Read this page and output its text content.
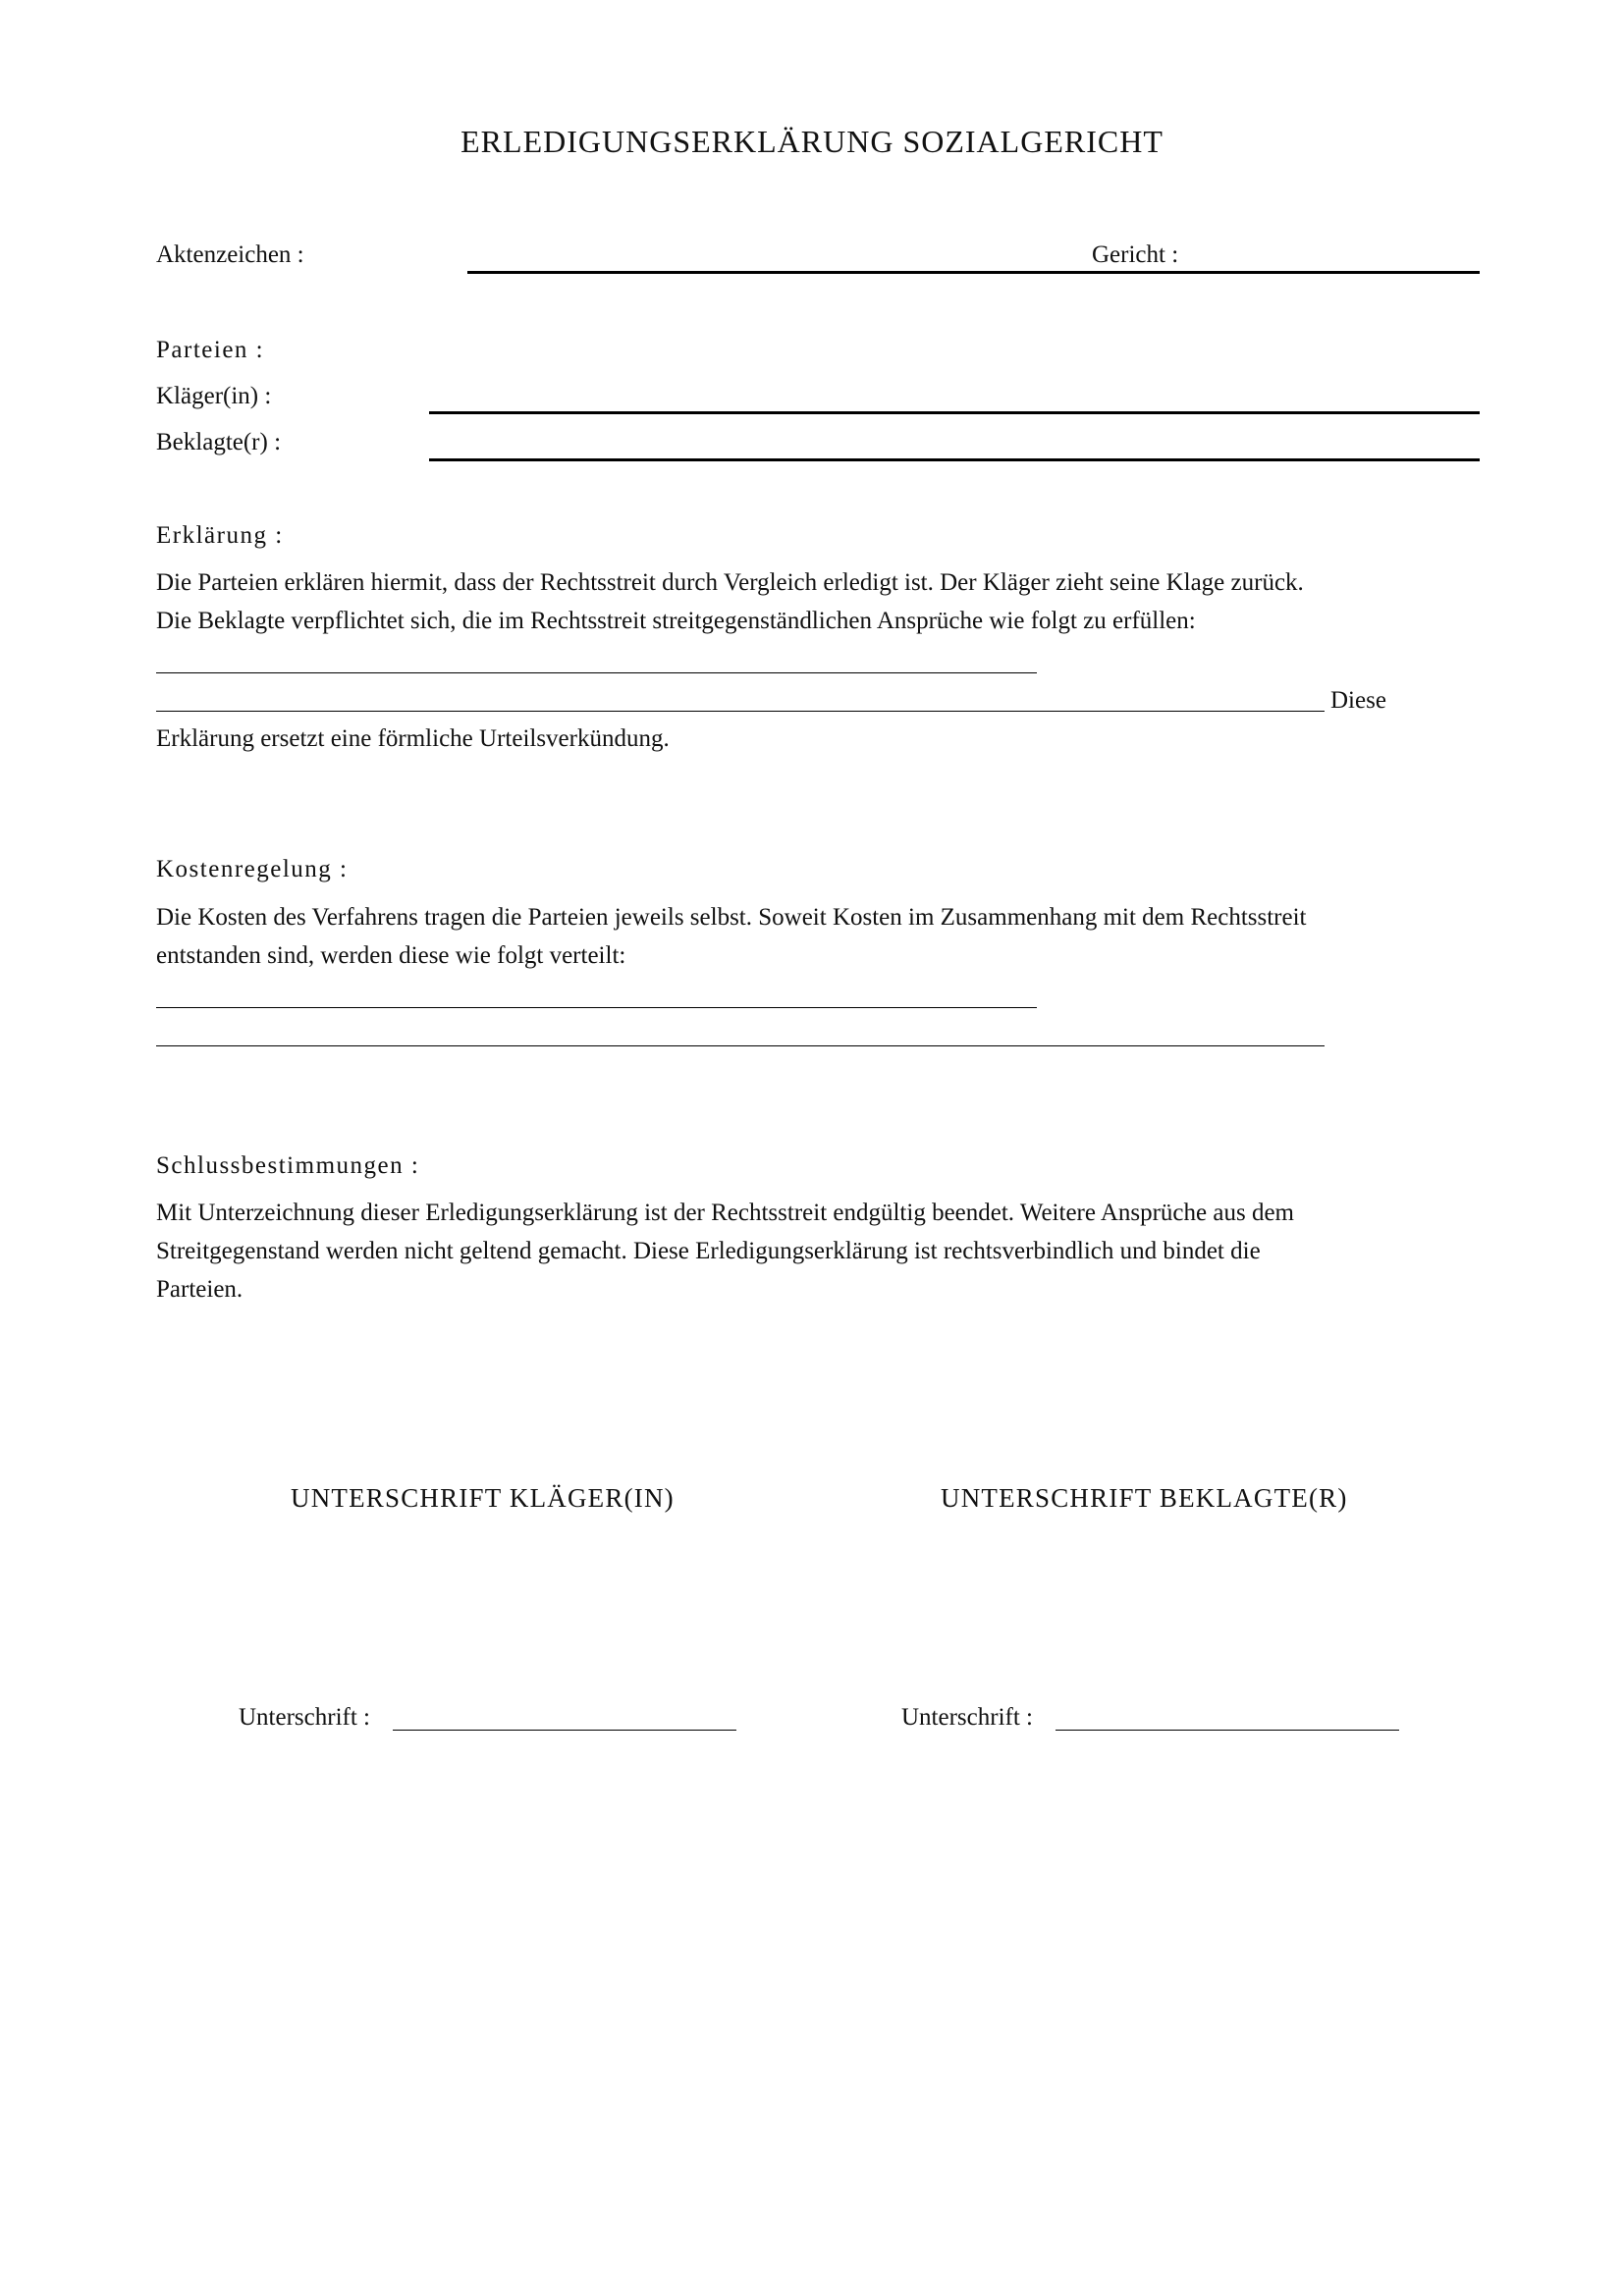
ERLEDIGUNGSERKLÄRUNG SOZIALGERICHT
Aktenzeichen :	Gericht :
Parteien :
Kläger(in) :
Beklagte(r) :
Erklärung :
Die Parteien erklären hiermit, dass der Rechtsstreit durch Vergleich erledigt ist. Der Kläger zieht seine Klage zurück.
Die Beklagte verpflichtet sich, die im Rechtsstreit streitgegenständlichen Ansprüche wie folgt zu erfüllen:
Diese
Erklärung ersetzt eine förmliche Urteilsverkündung.
Kostenregelung :
Die Kosten des Verfahrens tragen die Parteien jeweils selbst. Soweit Kosten im Zusammenhang mit dem Rechtsstreit
entstanden sind, werden diese wie folgt verteilt:
Schlussbestimmungen :
Mit Unterzeichnung dieser Erledigungserklärung ist der Rechtsstreit endgültig beendet. Weitere Ansprüche aus dem
Streitgegenstand werden nicht geltend gemacht. Diese Erledigungserklärung ist rechtsverbindlich und bindet die
Parteien.
UNTERSCHRIFT KLÄGER(IN)	UNTERSCHRIFT BEKLAGTE(R)
Unterschrift :	Unterschrift :
